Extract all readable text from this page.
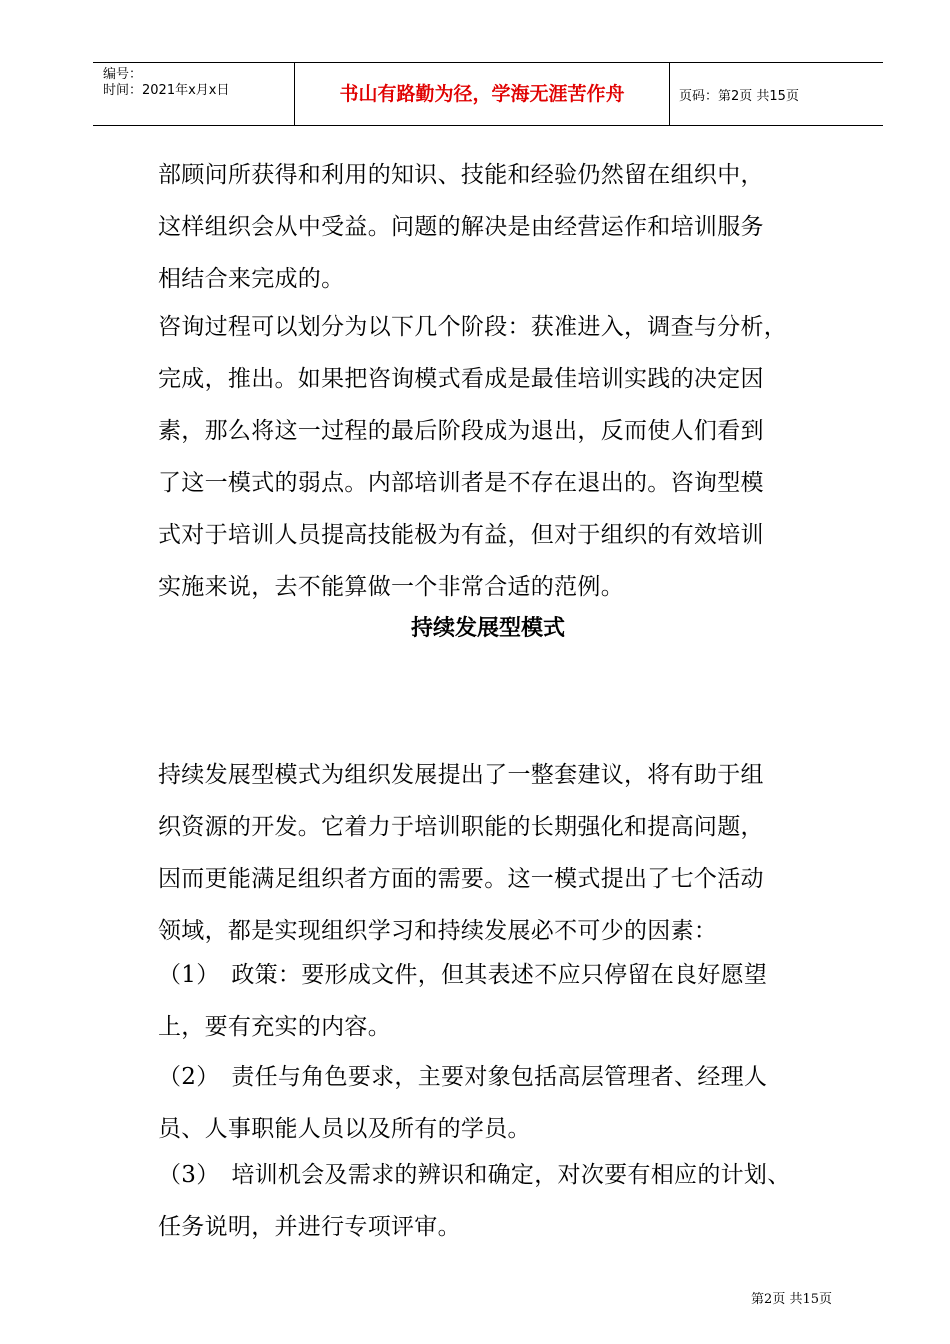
编号：
时间：2021年x月x日	书山有路勤为径，学海无涯苦作舟	页码：第2页 共15页
部顾问所获得和利用的知识、技能和经验仍然留在组织中，
这样组织会从中受益。问题的解决是由经营运作和培训服务
相结合来完成的。
咨询过程可以划分为以下几个阶段：获准进入，调查与分析，
完成，推出。如果把咨询模式看成是最佳培训实践的决定因
素，那么将这一过程的最后阶段成为退出，反而使人们看到
了这一模式的弱点。内部培训者是不存在退出的。咨询型模
式对于培训人员提高技能极为有益，但对于组织的有效培训
实施来说，去不能算做一个非常合适的范例。
持续发展型模式
持续发展型模式为组织发展提出了一整套建议，将有助于组
织资源的开发。它着力于培训职能的长期强化和提高问题，
因而更能满足组织者方面的需要。这一模式提出了七个活动
领域，都是实现组织学习和持续发展必不可少的因素：
（1）　政策：要形成文件，但其表述不应只停留在良好愿望
上，要有充实的内容。
（2）　责任与角色要求，主要对象包括高层管理者、经理人
员、人事职能人员以及所有的学员。
（3）　培训机会及需求的辨识和确定，对次要有相应的计划、
任务说明，并进行专项评审。
第2页 共15页
